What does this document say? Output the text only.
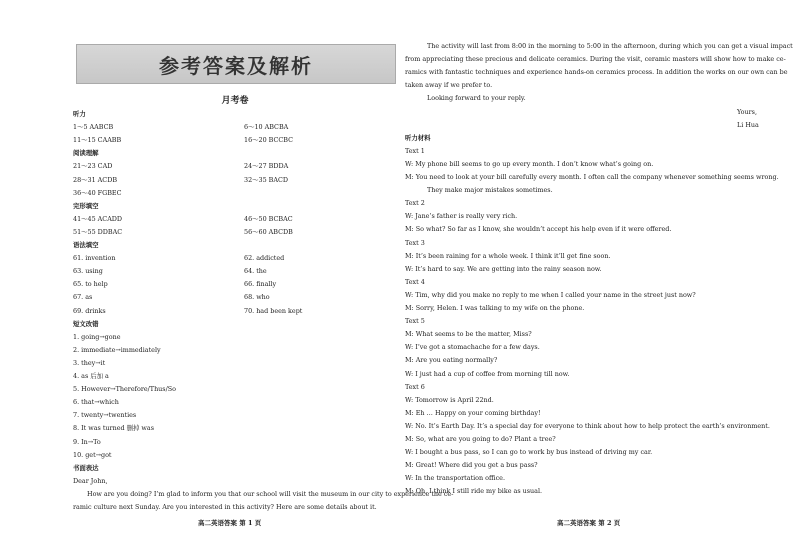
参考答案及解析
月考卷
听力
1～5 AABCB	6～10 ABCBA
11～15 CAABB	16～20 BCCBC
阅读理解
21～23 CAD	24～27 BDDA
28～31 ACDB	32～35 BACD
36～40 FGBEC
完形填空
41～45 ACADD	46～50 BCBAC
51～55 DDBAC	56～60 ABCDB
语法填空
61. invention	62. addicted
63. using	64. the
65. to help	66. finally
67. as	68. who
69. drinks	70. had been kept
短文改错
1. going→gone
2. immediate→immediately
3. they→it
4. as 后加 a
5. However→Therefore/Thus/So
6. that→which
7. twenty→twenties
8. It was turned 删掉 was
9. In→To
10. get→got
书面表达
Dear John,
How are you doing? I’m glad to inform you that our school will visit the museum in our city to experience the ce-
ramic culture next Sunday. Are you interested in this activity? Here are some details about it.
高二英语答案 第 1 页
The activity will last from 8:00 in the morning to 5:00 in the afternoon, during which you can get a visual impact
from appreciating these precious and delicate ceramics. During the visit, ceramic masters will show how to make ce-
ramics with fantastic techniques and experience hands-on ceramics process. In addition the works on our own can be
taken away if we prefer to.
Looking forward to your reply.
Yours,
Li Hua
听力材料
Text 1
W: My phone bill seems to go up every month. I don’t know what’s going on.
M: You need to look at your bill carefully every month. I often call the company whenever something seems wrong.
They make major mistakes sometimes.
Text 2
W: Jane’s father is really very rich.
M: So what? So far as I know, she wouldn’t accept his help even if it were offered.
Text 3
M: It’s been raining for a whole week. I think it’ll get fine soon.
W: It’s hard to say. We are getting into the rainy season now.
Text 4
W: Tim, why did you make no reply to me when I called your name in the street just now?
M: Sorry, Helen. I was talking to my wife on the phone.
Text 5
M: What seems to be the matter, Miss?
W: I’ve got a stomachache for a few days.
M: Are you eating normally?
W: I just had a cup of coffee from morning till now.
Text 6
W: Tomorrow is April 22nd.
M: Eh … Happy on your coming birthday!
W: No. It’s Earth Day. It’s a special day for everyone to think about how to help protect the earth’s environment.
M: So, what are you going to do? Plant a tree?
W: I bought a bus pass, so I can go to work by bus instead of driving my car.
M: Great! Where did you get a bus pass?
W: In the transportation office.
M: Oh, I think I still ride my bike as usual.
高二英语答案 第 2 页
